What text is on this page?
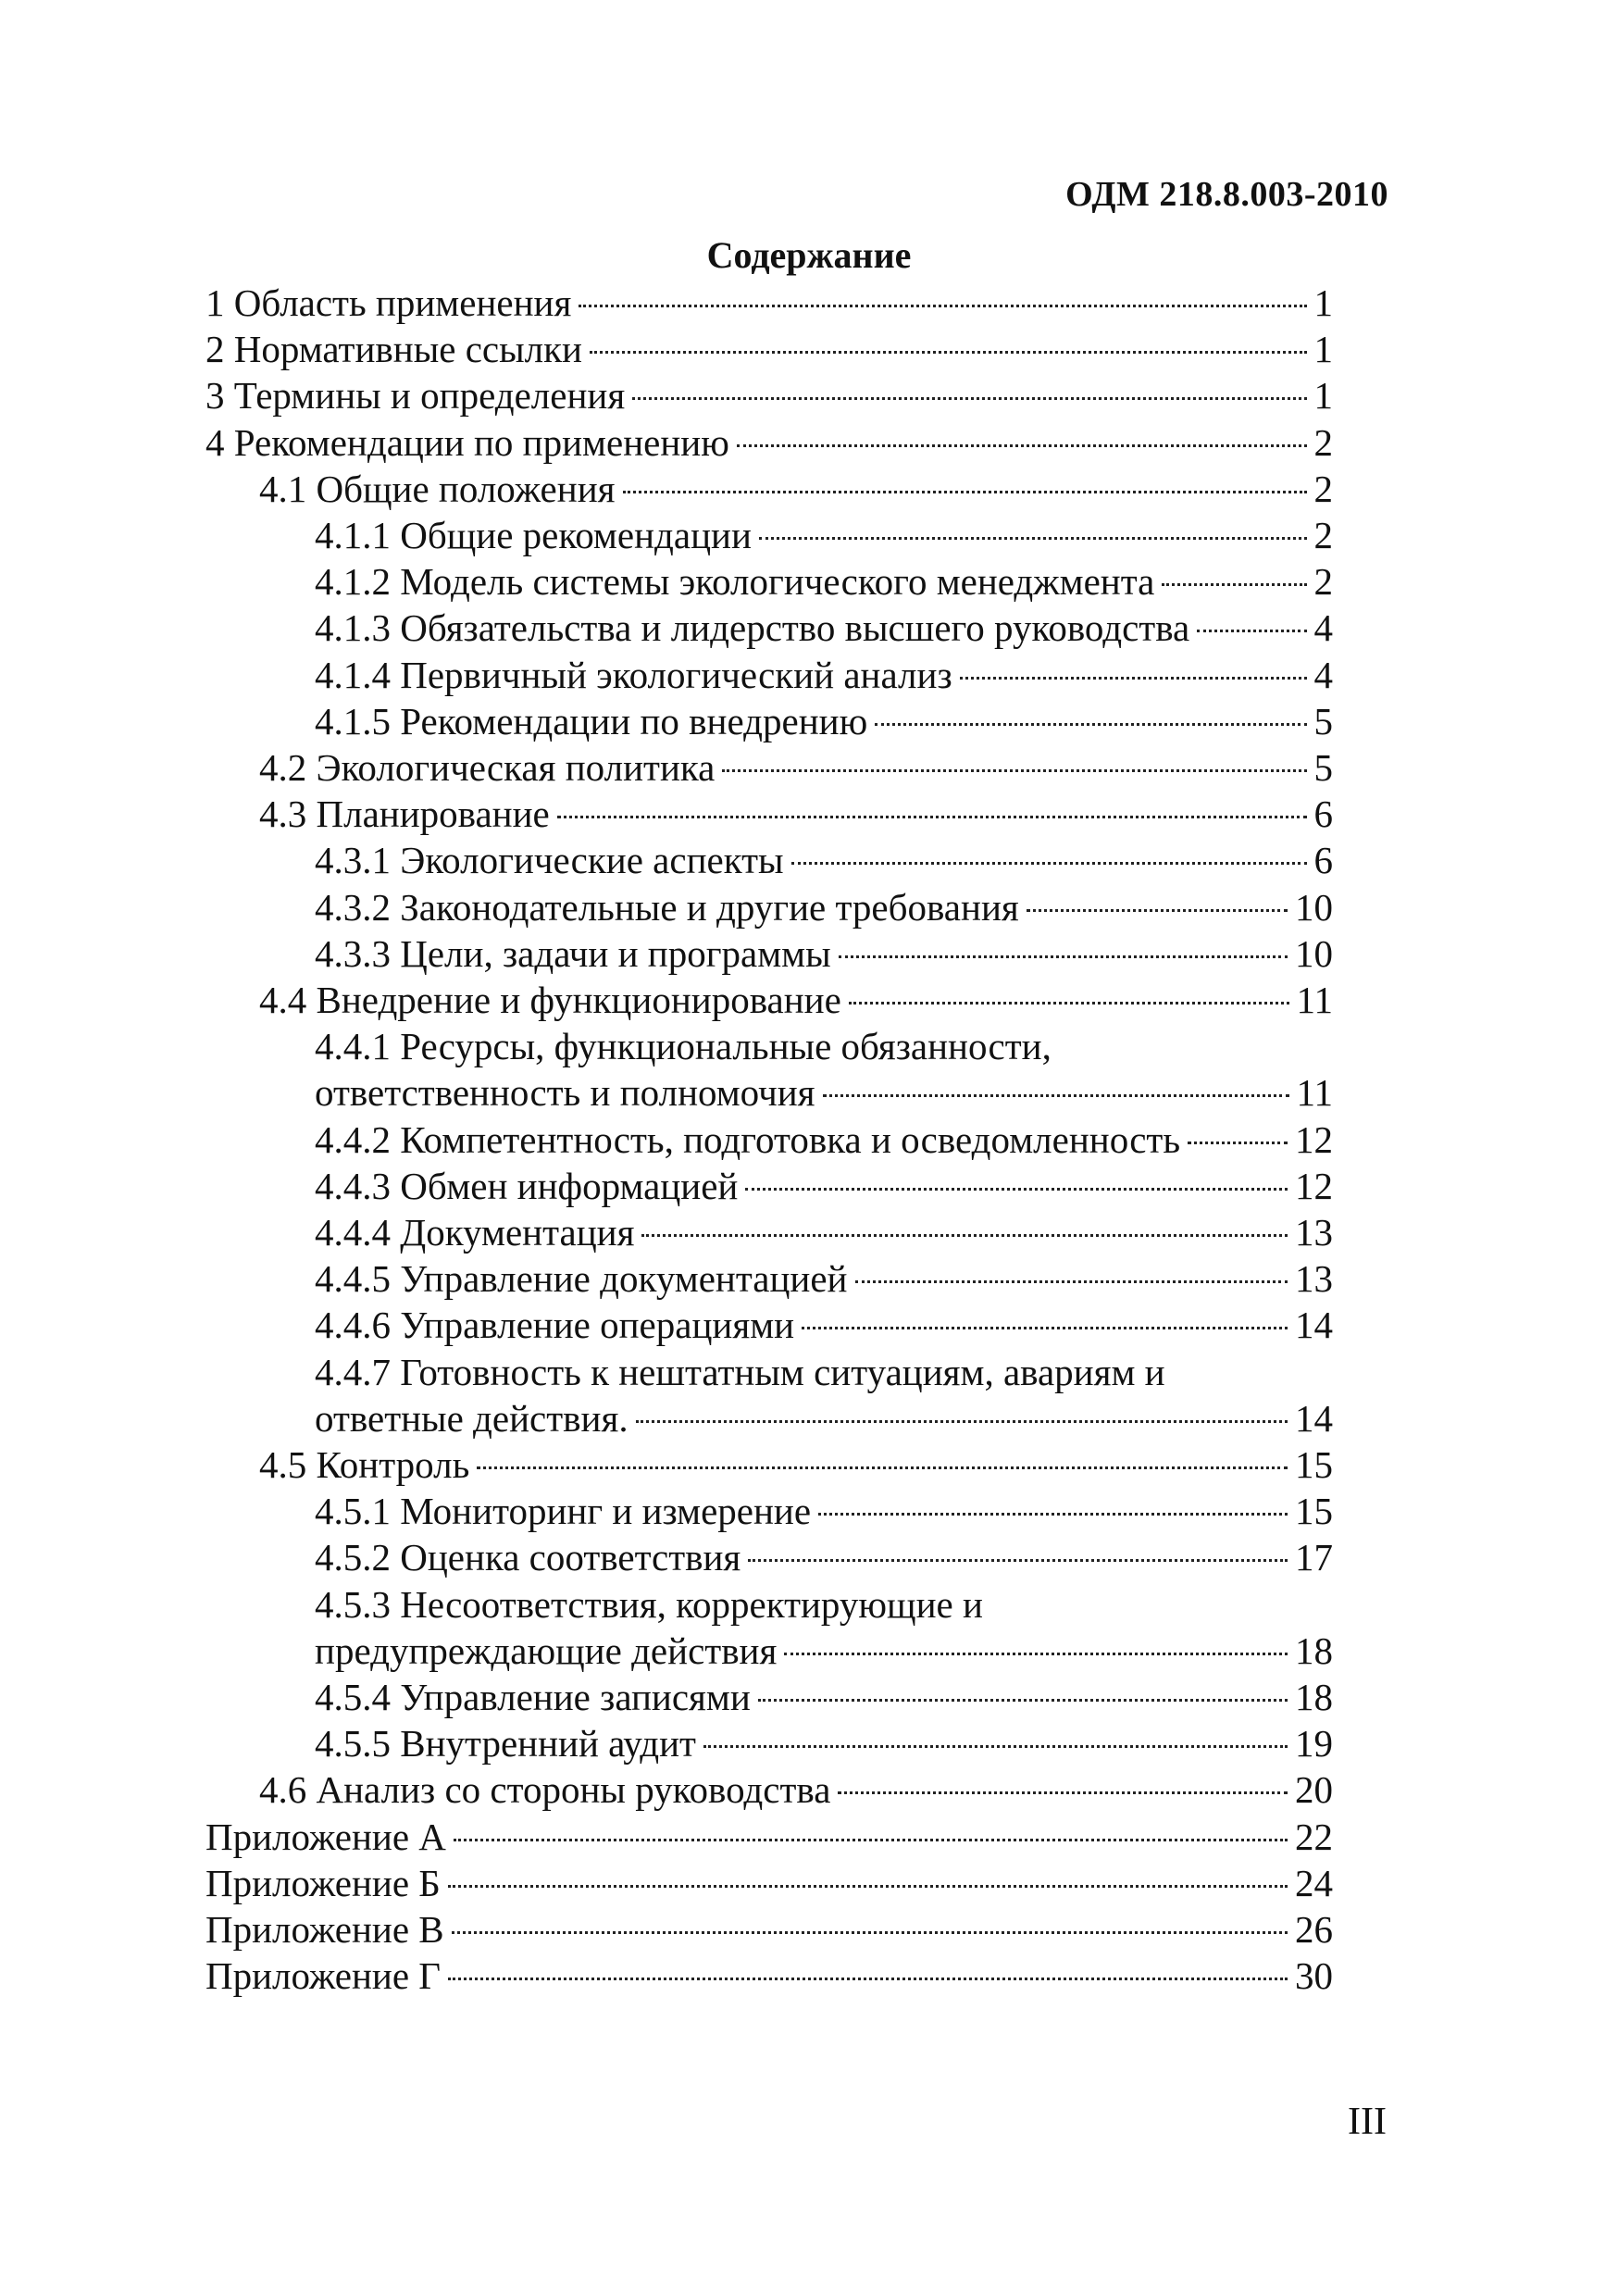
ОДМ 218.8.003-2010
Содержание
1 Область применения	1
2 Нормативные ссылки	1
3 Термины и определения	1
4 Рекомендации по применению	2
4.1 Общие положения	2
4.1.1 Общие рекомендации	2
4.1.2 Модель системы экологического менеджмента	2
4.1.3 Обязательства и лидерство высшего руководства	4
4.1.4 Первичный экологический анализ	4
4.1.5 Рекомендации по внедрению	5
4.2 Экологическая политика	5
4.3 Планирование	6
4.3.1 Экологические аспекты	6
4.3.2 Законодательные и другие требования	10
4.3.3 Цели, задачи и программы	10
4.4 Внедрение и функционирование	11
4.4.1 Ресурсы, функциональные обязанности,
ответственность и полномочия	11
4.4.2 Компетентность, подготовка и осведомленность	12
4.4.3 Обмен информацией	12
4.4.4 Документация	13
4.4.5 Управление документацией	13
4.4.6 Управление операциями	14
4.4.7 Готовность к нештатным ситуациям, авариям и
ответные действия.	14
4.5 Контроль	15
4.5.1 Мониторинг и измерение	15
4.5.2 Оценка соответствия	17
4.5.3 Несоответствия, корректирующие и
предупреждающие действия	18
4.5.4 Управление записями	18
4.5.5 Внутренний аудит	19
4.6 Анализ со стороны руководства	20
Приложение А	22
Приложение Б	24
Приложение В	26
Приложение Г	30
III
